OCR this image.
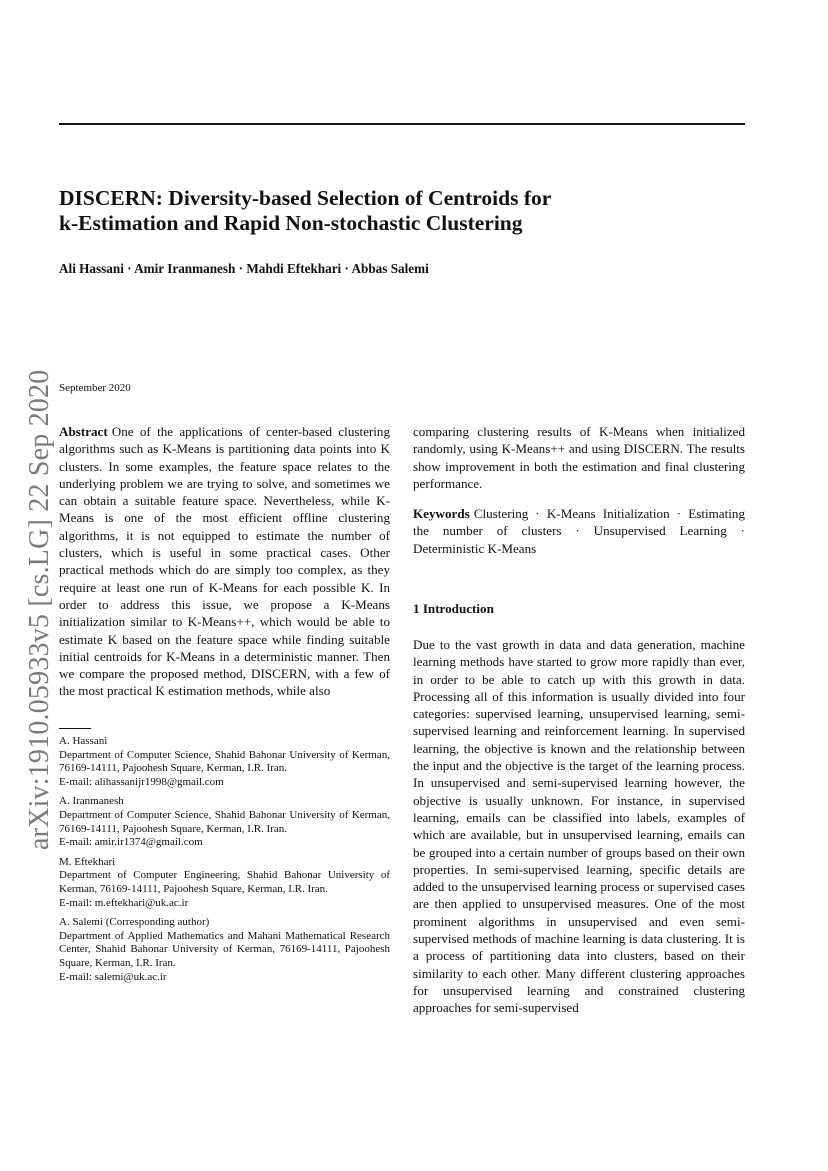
arXiv:1910.05933v5 [cs.LG] 22 Sep 2020
DISCERN: Diversity-based Selection of Centroids for
k-Estimation and Rapid Non-stochastic Clustering
Ali Hassani · Amir Iranmanesh · Mahdi Eftekhari · Abbas Salemi
September 2020

Abstract One of the applications of center-based clustering algorithms such as K-Means is partitioning data points into K clusters. In some examples, the feature space relates to the underlying problem we are trying to solve, and sometimes we can obtain a suitable feature space. Nevertheless, while K-Means is one of the most efficient offline clustering algorithms, it is not equipped to estimate the number of clusters, which is useful in some practical cases. Other practical methods which do are simply too complex, as they require at least one run of K-Means for each possible K. In order to address this issue, we propose a K-Means initialization similar to K-Means++, which would be able to estimate K based on the feature space while finding suitable initial centroids for K-Means in a deterministic manner. Then we compare the proposed method, DISCERN, with a few of the most practical K estimation methods, while also

A. Hassani
Department of Computer Science, Shahid Bahonar University of Kerman, 76169-14111, Pajoohesh Square, Kerman, I.R. Iran.
E-mail: alihassanijr1998@gmail.com
A. Iranmanesh
Department of Computer Science, Shahid Bahonar University of Kerman, 76169-14111, Pajoohesh Square, Kerman, I.R. Iran.
E-mail: amir.ir1374@gmail.com
M. Eftekhari
Department of Computer Engineering, Shahid Bahonar University of Kerman, 76169-14111, Pajoohesh Square, Kerman, I.R. Iran.
E-mail: m.eftekhari@uk.ac.ir
A. Salemi (Corresponding author)
Department of Applied Mathematics and Mahani Mathematical Research Center, Shahid Bahonar University of Kerman, 76169-14111, Pajoohesh Square, Kerman, I.R. Iran.
E-mail: salemi@uk.ac.ir

comparing clustering results of K-Means when initialized randomly, using K-Means++ and using DISCERN. The results show improvement in both the estimation and final clustering performance.

Keywords Clustering · K-Means Initialization · Estimating the number of clusters · Unsupervised Learning · Deterministic K-Means

1 Introduction

Due to the vast growth in data and data generation, machine learning methods have started to grow more rapidly than ever, in order to be able to catch up with this growth in data. Processing all of this information is usually divided into four categories: supervised learning, unsupervised learning, semi-supervised learning and reinforcement learning. In supervised learning, the objective is known and the relationship between the input and the objective is the target of the learning process. In unsupervised and semi-supervised learning however, the objective is usually unknown. For instance, in supervised learning, emails can be classified into labels, examples of which are available, but in unsupervised learning, emails can be grouped into a certain number of groups based on their own properties. In semi-supervised learning, specific details are added to the unsupervised learning process or supervised cases are then applied to unsupervised measures. One of the most prominent algorithms in unsupervised and even semi-supervised methods of machine learning is data clustering. It is a process of partitioning data into clusters, based on their similarity to each other. Many different clustering approaches for unsupervised learning and constrained clustering approaches for semi-supervised
